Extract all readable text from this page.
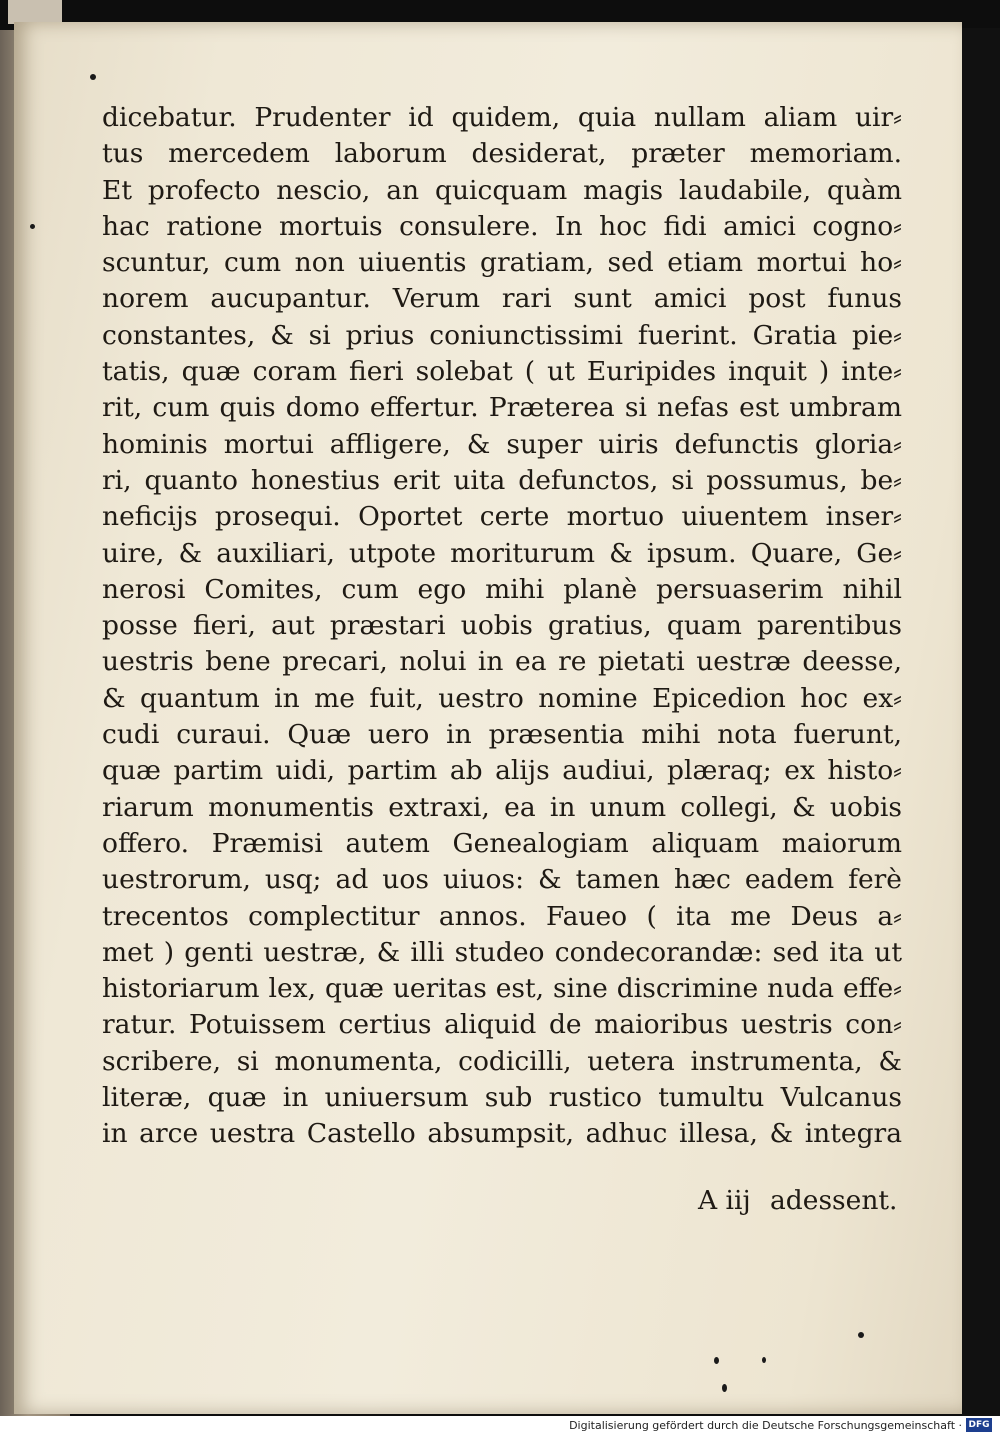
dicebatur. Prudenter id quidem, quia nullam aliam uir⸗
tus mercedem laborum desiderat, præter memoriam.
Et profecto nescio, an quicquam magis laudabile, quàm
hac ratione mortuis consulere. In hoc fidi amici cogno⸗
scuntur, cum non uiuentis gratiam, sed etiam mortui ho⸗
norem aucupantur. Verum rari sunt amici post funus
constantes, & si prius coniunctissimi fuerint. Gratia pie⸗
tatis, quæ coram fieri solebat ( ut Euripides inquit ) inte⸗
rit, cum quis domo effertur. Præterea si nefas est umbram
hominis mortui affligere, & super uiris defunctis gloria⸗
ri, quanto honestius erit uita defunctos, si possumus, be⸗
neficijs prosequi. Oportet certe mortuo uiuentem inser⸗
uire, & auxiliari, utpote moriturum & ipsum. Quare, Ge⸗
nerosi Comites, cum ego mihi planè persuaserim nihil
posse fieri, aut præstari uobis gratius, quam parentibus
uestris bene precari, nolui in ea re pietati uestræ deesse,
& quantum in me fuit, uestro nomine Epicedion hoc ex⸗
cudi curaui. Quæ uero in præsentia mihi nota fuerunt,
quæ partim uidi, partim ab alijs audiui, plæraq; ex histo⸗
riarum monumentis extraxi, ea in unum collegi, & uobis
offero. Præmisi autem Genealogiam aliquam maiorum
uestrorum, usq; ad uos uiuos: & tamen hæc eadem ferè
trecentos complectitur annos. Faueo ( ita me Deus a⸗
met ) genti uestræ, & illi studeo condecorandæ: sed ita ut
historiarum lex, quæ ueritas est, sine discrimine nuda effe⸗
ratur. Potuissem certius aliquid de maioribus uestris con⸗
scribere, si monumenta, codicilli, uetera instrumenta, &
literæ, quæ in uniuersum sub rustico tumultu Vulcanus
in arce uestra Castello absumpsit, adhuc illesa, & integra
A iij adessent.
Digitalisierung gefördert durch die Deutsche Forschungsgemeinschaft · DFG
